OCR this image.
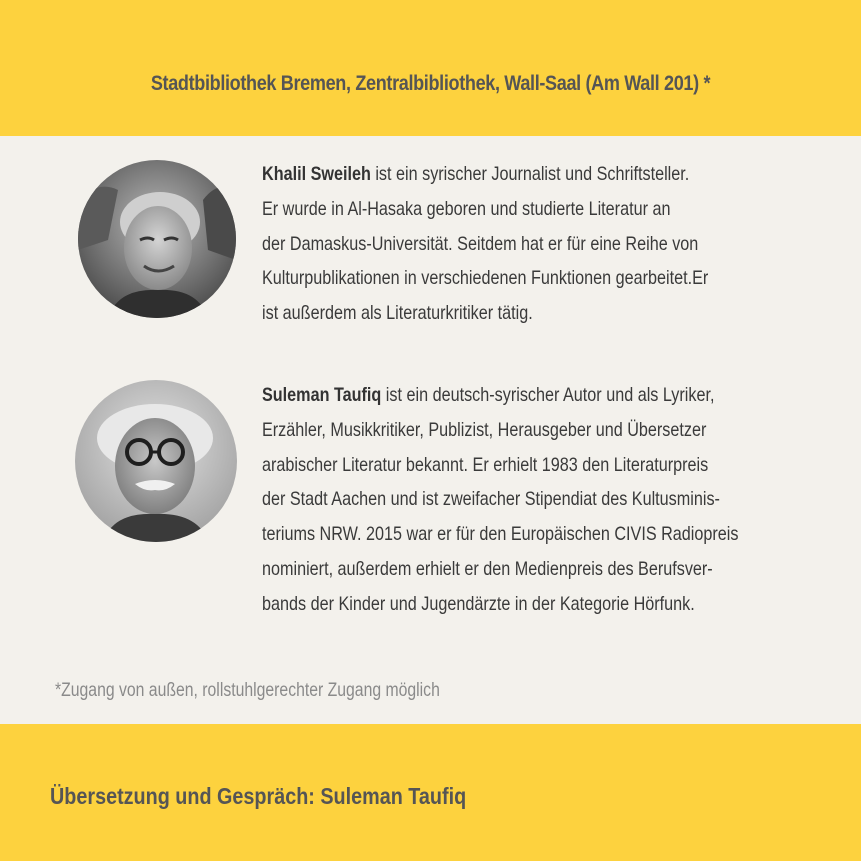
Stadtbibliothek Bremen, Zentralbibliothek, Wall-Saal (Am Wall 201) *
Khalil Sweileh ist ein syrischer Journalist und Schriftsteller.
Er wurde in Al-Hasaka geboren und studierte Literatur an
der Damaskus-Universität. Seitdem hat er für eine Reihe von
Kulturpublikationen in verschiedenen Funktionen gearbeitet.Er
ist außerdem als Literaturkritiker tätig.
Suleman Taufiq ist ein deutsch-syrischer Autor und als Lyriker,
Erzähler, Musikkritiker, Publizist, Herausgeber und Übersetzer
arabischer Literatur bekannt. Er erhielt 1983 den Literaturpreis
der Stadt Aachen und ist zweifacher Stipendiat des Kultusminis-
teriums NRW. 2015 war er für den Europäischen CIVIS Radiopreis
nominiert, außerdem erhielt er den Medienpreis des Berufsver-
bands der Kinder und Jugendärzte in der Kategorie Hörfunk.
*Zugang von außen, rollstuhlgerechter Zugang möglich
Übersetzung und Gespräch: Suleman Taufiq
